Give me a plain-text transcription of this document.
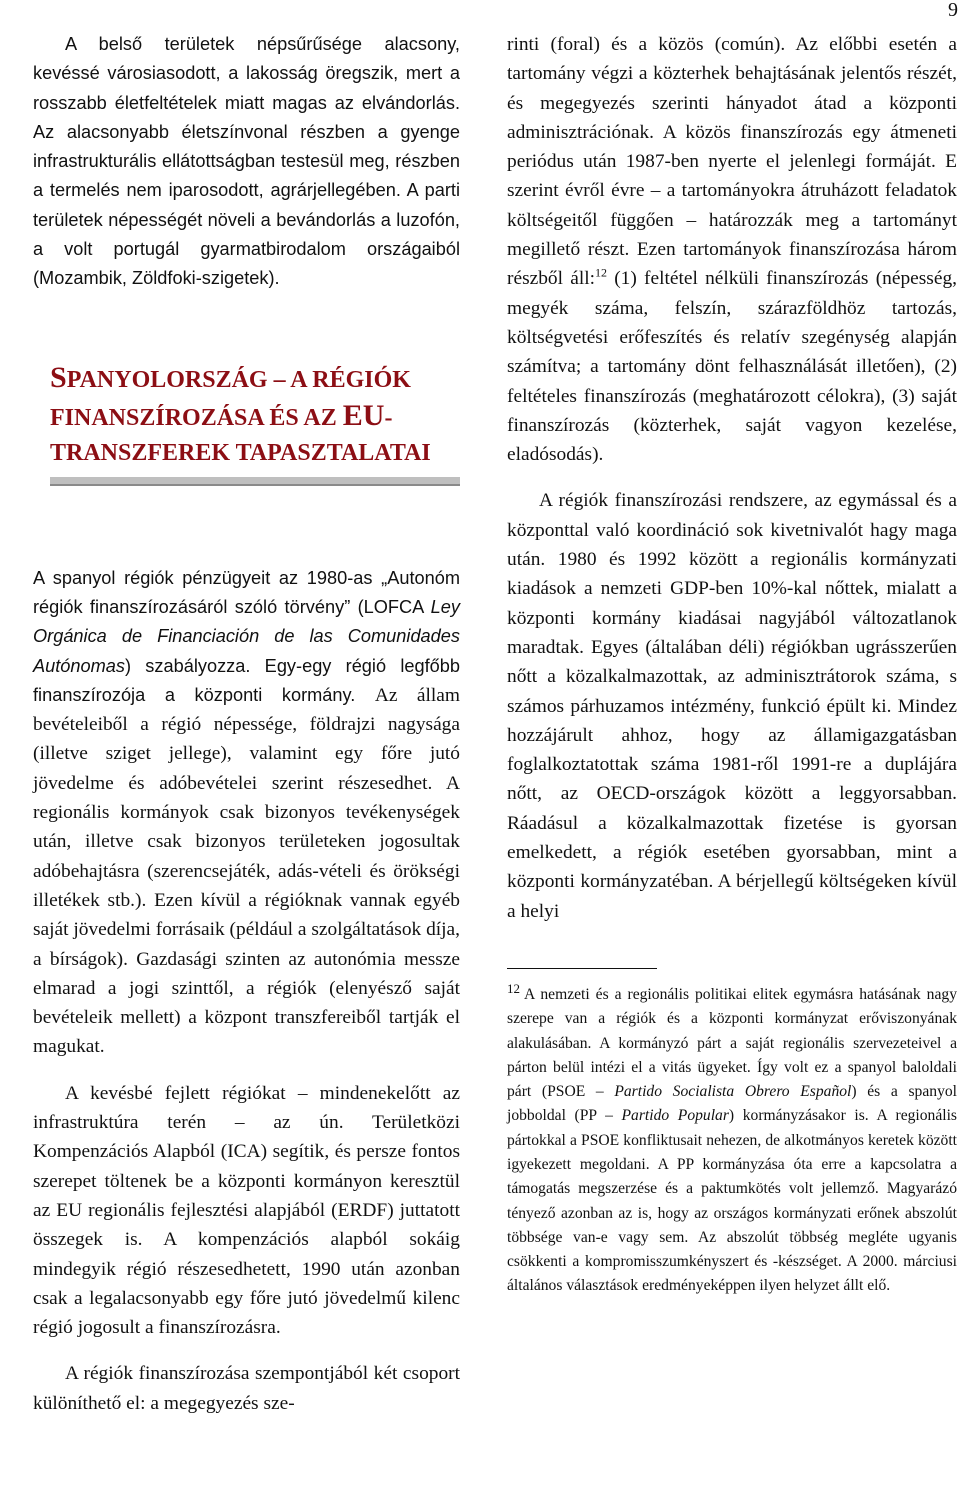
9

A belső területek népsűrűsége alacsony, kevéssé városiasodott, a lakosság öregszik, mert a rosszabb életfeltételek miatt magas az elvándorlás. Az alacsonyabb életszínvonal részben a gyenge infrastrukturális ellátottságban testesül meg, részben a termelés nem iparosodott, agrárjellegében. A parti területek népességét növeli a bevándorlás a luzofón, a volt portugál gyarmatbirodalom országaiból (Mozambik, Zöldfoki-szigetek).

SPANYOLORSZÁG – A RÉGIÓK
FINANSZÍROZÁSA ÉS AZ EU-
TRANSZFEREK TAPASZTALATAI

A spanyol régiók pénzügyeit az 1980-as „Autonóm régiók finanszírozásáról szóló törvény” (LOFCA Ley Orgánica de Financiación de las Comunidades Autónomas) szabályozza. Egy-egy régió legfőbb finanszírozója a központi kormány. Az állam bevételeiből a régió népessége, földrajzi nagysága (illetve sziget jellege), valamint egy főre jutó jövedelme és adóbevételei szerint részesedhet. A regionális kormányok csak bizonyos tevékenységek után, illetve csak bizonyos területeken jogosultak adóbehajtásra (szerencsejáték, adás-vételi és örökségi illetékek stb.). Ezen kívül a régióknak vannak egyéb saját jövedelmi forrásaik (például a szolgáltatások díja, a bírságok). Gazdasági szinten az autonómia messze elmarad a jogi szinttől, a régiók (elenyésző saját bevételeik mellett) a központ transzfereiből tartják el magukat.

A kevésbé fejlett régiókat – mindenekelőtt az infrastruktúra terén – az ún. Területközi Kompenzációs Alapból (ICA) segítik, és persze fontos szerepet töltenek be a központi kormányon keresztül az EU regionális fejlesztési alapjából (ERDF) juttatott összegek is. A kompenzációs alapból sokáig mindegyik régió részesedhetett, 1990 után azonban csak a legalacsonyabb egy főre jutó jövedelmű kilenc régió jogosult a finanszírozásra.

A régiók finanszírozása szempontjából két csoport különíthető el: a megegyezés sze-

rinti (foral) és a közös (común). Az előbbi esetén a tartomány végzi a közterhek behajtásának jelentős részét, és megegyezés szerinti hányadot átad a központi adminisztrációnak. A közös finanszírozás egy átmeneti periódus után 1987-ben nyerte el jelenlegi formáját. E szerint évről évre – a tartományokra átruházott feladatok költségeitől függően – határozzák meg a tartományt megillető részt. Ezen tartományok finanszírozása három részből áll:$^{12}$ (1) feltétel nélküli finanszírozás (népesség, megyék száma, felszín, szárazföldhöz tartozás, költségvetési erőfeszítés és relatív szegénység alapján számítva; a tartomány dönt felhasználását illetően), (2) feltételes finanszírozás (meghatározott célokra), (3) saját finanszírozás (közterhek, saját vagyon kezelése, eladósodás).

A régiók finanszírozási rendszere, az egymással és a központtal való koordináció sok kivetnivalót hagy maga után. 1980 és 1992 között a regionális kormányzati kiadások a nemzeti GDP-ben 10%-kal nőttek, mialatt a központi kormány kiadásai nagyjából változatlanok maradtak. Egyes (általában déli) régiókban ugrásszerűen nőtt a közalkalmazottak, az adminisztrátorok száma, s számos párhuzamos intézmény, funkció épült ki. Mindez hozzájárult ahhoz, hogy az államigazgatásban foglalkoztatottak száma 1981-ről 1991-re a duplájára nőtt, az OECD-országok között a leggyorsabban. Ráadásul a közalkalmazottak fizetése is gyorsan emelkedett, a régiók esetében gyorsabban, mint a központi kormányzatéban. A bérjellegű költségeken kívül a helyi

$^{12}$ A nemzeti és a regionális politikai elitek egymásra hatásának nagy szerepe van a régiók és a központi kormányzat erőviszonyának alakulásában. A kormányzó párt a saját regionális szervezeteivel a párton belül intézi el a vitás ügyeket. Így volt ez a spanyol baloldali párt (PSOE – Partido Socialista Obrero Español) és a spanyol jobboldal (PP – Partido Popular) kormányzásakor is. A regionális pártokkal a PSOE konfliktusait nehezen, de alkotmányos keretek között igyekezett megoldani. A PP kormányzása óta erre a kapcsolatra a támogatás megszerzése és a paktumkötés volt jellemző. Magyarázó tényező azonban az is, hogy az országos kormányzati erőnek abszolút többsége van-e vagy sem. Az abszolút többség megléte ugyanis csökkenti a kompromisszumkényszert és -készséget. A 2000. márciusi általános választások eredményeképpen ilyen helyzet állt elő.
